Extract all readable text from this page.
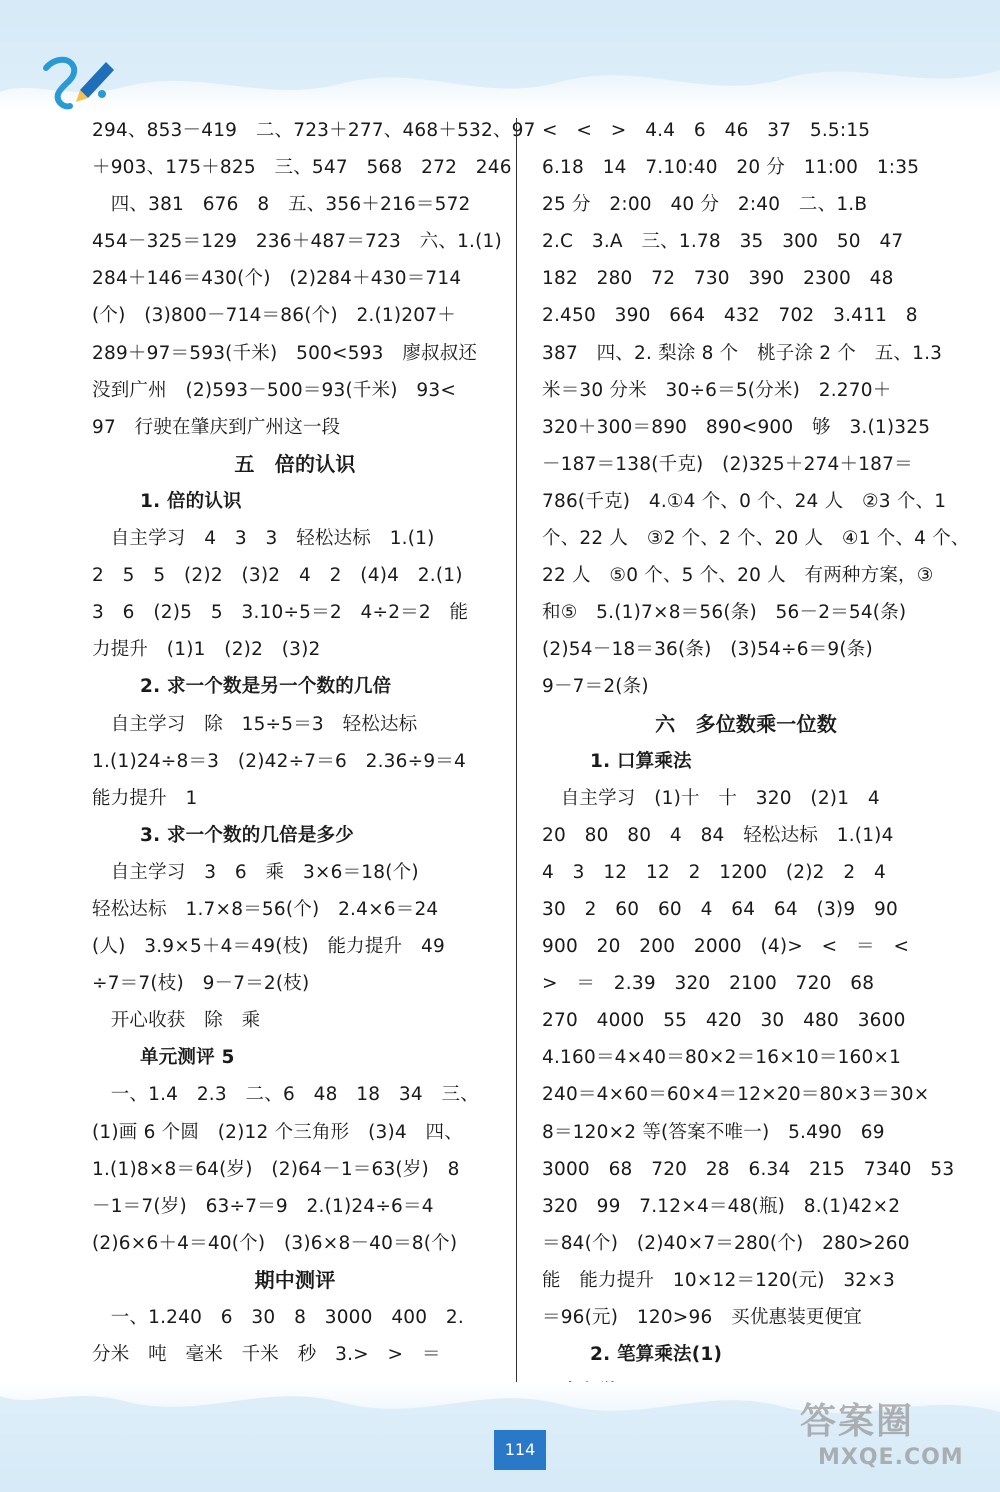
294、853－419　二、723＋277、468＋532、97
＋903、175＋825　三、547　568　272　246
　四、381　676　8　五、356＋216＝572
454－325＝129　236＋487＝723　六、1.(1)
284＋146＝430(个)　(2)284＋430＝714
(个)　(3)800－714＝86(个)　2.(1)207＋
289＋97＝593(千米)　500<593　廖叔叔还
没到广州　(2)593－500＝93(千米)　93<
97　行驶在肇庆到广州这一段
五　倍的认识
1. 倍的认识
　自主学习　4　3　3　轻松达标　1.(1)
2　5　5　(2)2　(3)2　4　2　(4)4　2.(1)
3　6　(2)5　5　3.10÷5＝2　4÷2＝2　能
力提升　(1)1　(2)2　(3)2
2. 求一个数是另一个数的几倍
　自主学习　除　15÷5＝3　轻松达标
1.(1)24÷8＝3　(2)42÷7＝6　2.36÷9＝4
能力提升　1
3. 求一个数的几倍是多少
　自主学习　3　6　乘　3×6＝18(个)
轻松达标　1.7×8＝56(个)　2.4×6＝24
(人)　3.9×5＋4＝49(枝)　能力提升　49
÷7＝7(枝)　9－7＝2(枝)
　开心收获　除　乘
单元测评 5
　一、1.4　2.3　二、6　48　18　34　三、
(1)画 6 个圆　(2)12 个三角形　(3)4　四、
1.(1)8×8＝64(岁)　(2)64－1＝63(岁)　8
－1＝7(岁)　63÷7＝9　2.(1)24÷6＝4
(2)6×6＋4＝40(个)　(3)6×8－40＝8(个)
期中测评
　一、1.240　6　30　8　3000　400　2.
分米　吨　毫米　千米　秒　3.>　>　＝
<　<　>　4.4　6　46　37　5.5:15
6.18　14　7.10:40　20 分　11:00　1:35
25 分　2:00　40 分　2:40　二、1.B
2.C　3.A　三、1.78　35　300　50　47
182　280　72　730　390　2300　48
2.450　390　664　432　702　3.411　8
387　四、2. 梨涂 8 个　桃子涂 2 个　五、1.3
米＝30 分米　30÷6＝5(分米)　2.270＋
320＋300＝890　890<900　够　3.(1)325
－187＝138(千克)　(2)325＋274＋187＝
786(千克)　4.①4 个、0 个、24 人　②3 个、1
个、22 人　③2 个、2 个、20 人　④1 个、4 个、
22 人　⑤0 个、5 个、20 人　有两种方案，③
和⑤　5.(1)7×8＝56(条)　56－2＝54(条)
(2)54－18＝36(条)　(3)54÷6＝9(条)
9－7＝2(条)
六　多位数乘一位数
1. 口算乘法
　自主学习　(1)十　十　320　(2)1　4
20　80　80　4　84　轻松达标　1.(1)4
4　3　12　12　2　1200　(2)2　2　4
30　2　60　60　4　64　64　(3)9　90
900　20　200　2000　(4)>　<　＝　<
>　＝　2.39　320　2100　720　68
270　4000　55　420　30　480　3600
4.160＝4×40＝80×2＝16×10＝160×1
240＝4×60＝60×4＝12×20＝80×3＝30×
8＝120×2 等(答案不唯一)　5.490　69
3000　68　720　28　6.34　215　7340　53
320　99　7.12×4＝48(瓶)　8.(1)42×2
＝84(个)　(2)40×7＝280(个)　280>260
能　能力提升　10×12＝120(元)　32×3
＝96(元)　120>96　买优惠装更便宜
2. 笔算乘法(1)
114
答案圈
MXQE.COM
